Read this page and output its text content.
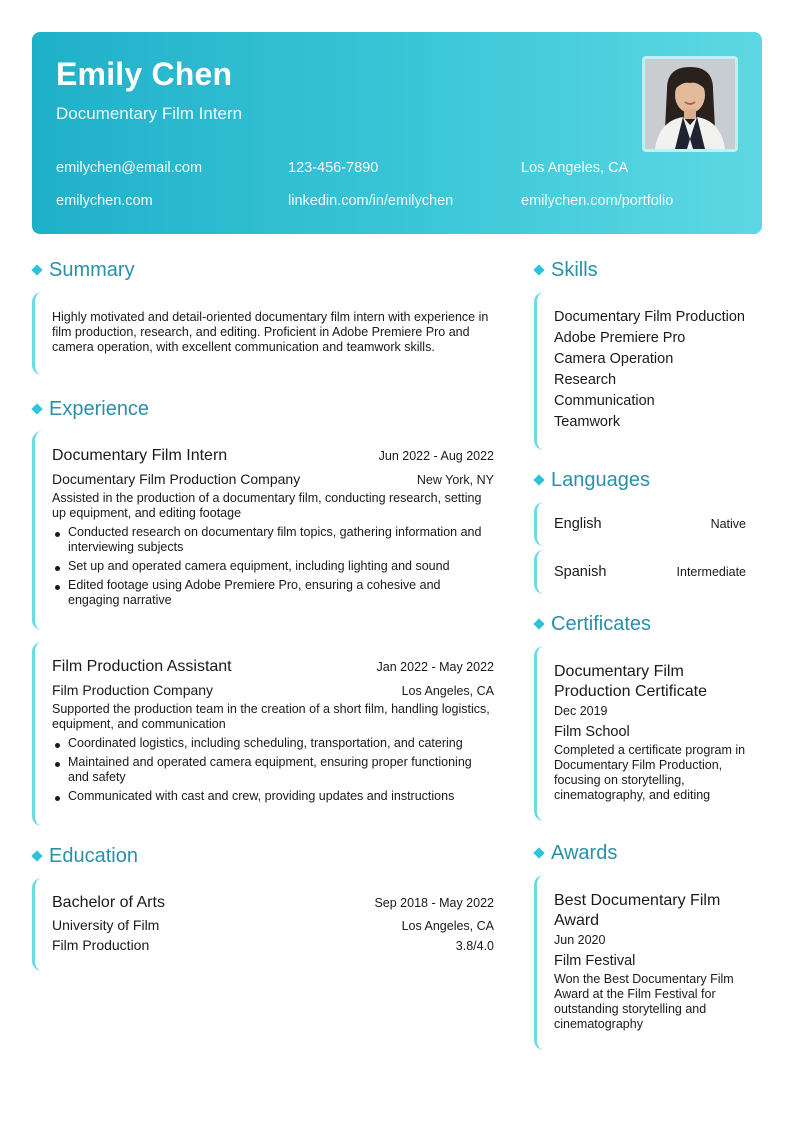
Emily Chen
Documentary Film Intern
emilychen@email.com	123-456-7890	Los Angeles, CA
emilychen.com	linkedin.com/in/emilychen	emilychen.com/portfolio
Summary
Highly motivated and detail-oriented documentary film intern with experience in film production, research, and editing. Proficient in Adobe Premiere Pro and camera operation, with excellent communication and teamwork skills.
Experience
Documentary Film Intern	Jun 2022 - Aug 2022
Documentary Film Production Company	New York, NY
Assisted in the production of a documentary film, conducting research, setting up equipment, and editing footage
Conducted research on documentary film topics, gathering information and interviewing subjects
Set up and operated camera equipment, including lighting and sound
Edited footage using Adobe Premiere Pro, ensuring a cohesive and engaging narrative
Film Production Assistant	Jan 2022 - May 2022
Film Production Company	Los Angeles, CA
Supported the production team in the creation of a short film, handling logistics, equipment, and communication
Coordinated logistics, including scheduling, transportation, and catering
Maintained and operated camera equipment, ensuring proper functioning and safety
Communicated with cast and crew, providing updates and instructions
Education
Bachelor of Arts	Sep 2018 - May 2022
University of Film	Los Angeles, CA
Film Production	3.8/4.0
Skills
Documentary Film Production
Adobe Premiere Pro
Camera Operation
Research
Communication
Teamwork
Languages
English	Native
Spanish	Intermediate
Certificates
Documentary Film Production Certificate
Dec 2019
Film School
Completed a certificate program in Documentary Film Production, focusing on storytelling, cinematography, and editing
Awards
Best Documentary Film Award
Jun 2020
Film Festival
Won the Best Documentary Film Award at the Film Festival for outstanding storytelling and cinematography
